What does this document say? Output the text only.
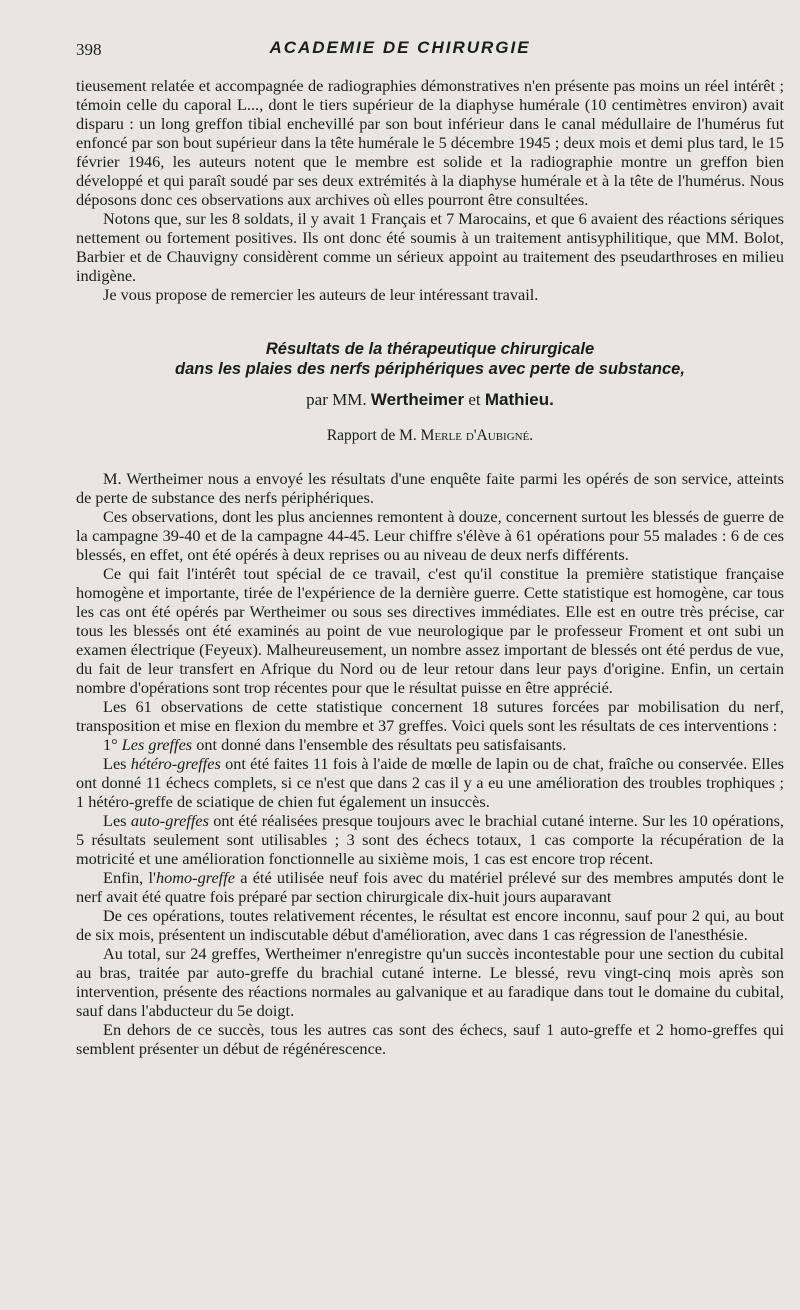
398	ACADEMIE DE CHIRURGIE

tieusement relatée et accompagnée de radiographies démonstratives n'en présente pas moins un réel intérêt ; témoin celle du caporal L..., dont le tiers supérieur de la diaphyse humérale (10 centimètres environ) avait disparu : un long greffon tibial enchevillé par son bout inférieur dans le canal médullaire de l'humérus fut enfoncé par son bout supérieur dans la tête humérale le 5 décembre 1945 ; deux mois et demi plus tard, le 15 février 1946, les auteurs notent que le membre est solide et la radiographie montre un greffon bien développé et qui paraît soudé par ses deux extrémités à la diaphyse humérale et à la tête de l'humérus. Nous déposons donc ces observations aux archives où elles pourront être consultées.

Notons que, sur les 8 soldats, il y avait 1 Français et 7 Marocains, et que 6 avaient des réactions sériques nettement ou fortement positives. Ils ont donc été soumis à un traitement antisyphilitique, que MM. Bolot, Barbier et de Chauvigny considèrent comme un sérieux appoint au traitement des pseudarthroses en milieu indigène.

Je vous propose de remercier les auteurs de leur intéressant travail.

Résultats de la thérapeutique chirurgicale

dans les plaies des nerfs périphériques avec perte de substance,

par MM. Wertheimer et Mathieu.
Rapport de M. Merle d'Aubigné.

M. Wertheimer nous a envoyé les résultats d'une enquête faite parmi les opérés de son service, atteints de perte de substance des nerfs périphériques.

Ces observations, dont les plus anciennes remontent à douze, concernent surtout les blessés de guerre de la campagne 39-40 et de la campagne 44-45. Leur chiffre s'élève à 61 opérations pour 55 malades : 6 de ces blessés, en effet, ont été opérés à deux reprises ou au niveau de deux nerfs différents.

Ce qui fait l'intérêt tout spécial de ce travail, c'est qu'il constitue la première statistique française homogène et importante, tirée de l'expérience de la dernière guerre. Cette statistique est homogène, car tous les cas ont été opérés par Wertheimer ou sous ses directives immédiates. Elle est en outre très précise, car tous les blessés ont été examinés au point de vue neurologique par le professeur Froment et ont subi un examen électrique (Feyeux). Malheureusement, un nombre assez important de blessés ont été perdus de vue, du fait de leur transfert en Afrique du Nord ou de leur retour dans leur pays d'origine. Enfin, un certain nombre d'opérations sont trop récentes pour que le résultat puisse en être apprécié.

Les 61 observations de cette statistique concernent 18 sutures forcées par mobilisation du nerf, transposition et mise en flexion du membre et 37 greffes. Voici quels sont les résultats de ces interventions :

1° Les greffes ont donné dans l'ensemble des résultats peu satisfaisants.

Les hétéro-greffes ont été faites 11 fois à l'aide de mœlle de lapin ou de chat, fraîche ou conservée. Elles ont donné 11 échecs complets, si ce n'est que dans 2 cas il y a eu une amélioration des troubles trophiques ; 1 hétéro-greffe de sciatique de chien fut également un insuccès.

Les auto-greffes ont été réalisées presque toujours avec le brachial cutané interne. Sur les 10 opérations, 5 résultats seulement sont utilisables ; 3 sont des échecs totaux, 1 cas comporte la récupération de la motricité et une amélioration fonctionnelle au sixième mois, 1 cas est encore trop récent.

Enfin, l'homo-greffe a été utilisée neuf fois avec du matériel prélevé sur des membres amputés dont le nerf avait été quatre fois préparé par section chirurgicale dix-huit jours auparavant

De ces opérations, toutes relativement récentes, le résultat est encore inconnu, sauf pour 2 qui, au bout de six mois, présentent un indiscutable début d'amélioration, avec dans 1 cas régression de l'anesthésie.

Au total, sur 24 greffes, Wertheimer n'enregistre qu'un succès incontestable pour une section du cubital au bras, traitée par auto-greffe du brachial cutané interne. Le blessé, revu vingt-cinq mois après son intervention, présente des réactions normales au galvanique et au faradique dans tout le domaine du cubital, sauf dans l'abducteur du 5e doigt.

En dehors de ce succès, tous les autres cas sont des échecs, sauf 1 auto-greffe et 2 homo-greffes qui semblent présenter un début de régénérescence.
